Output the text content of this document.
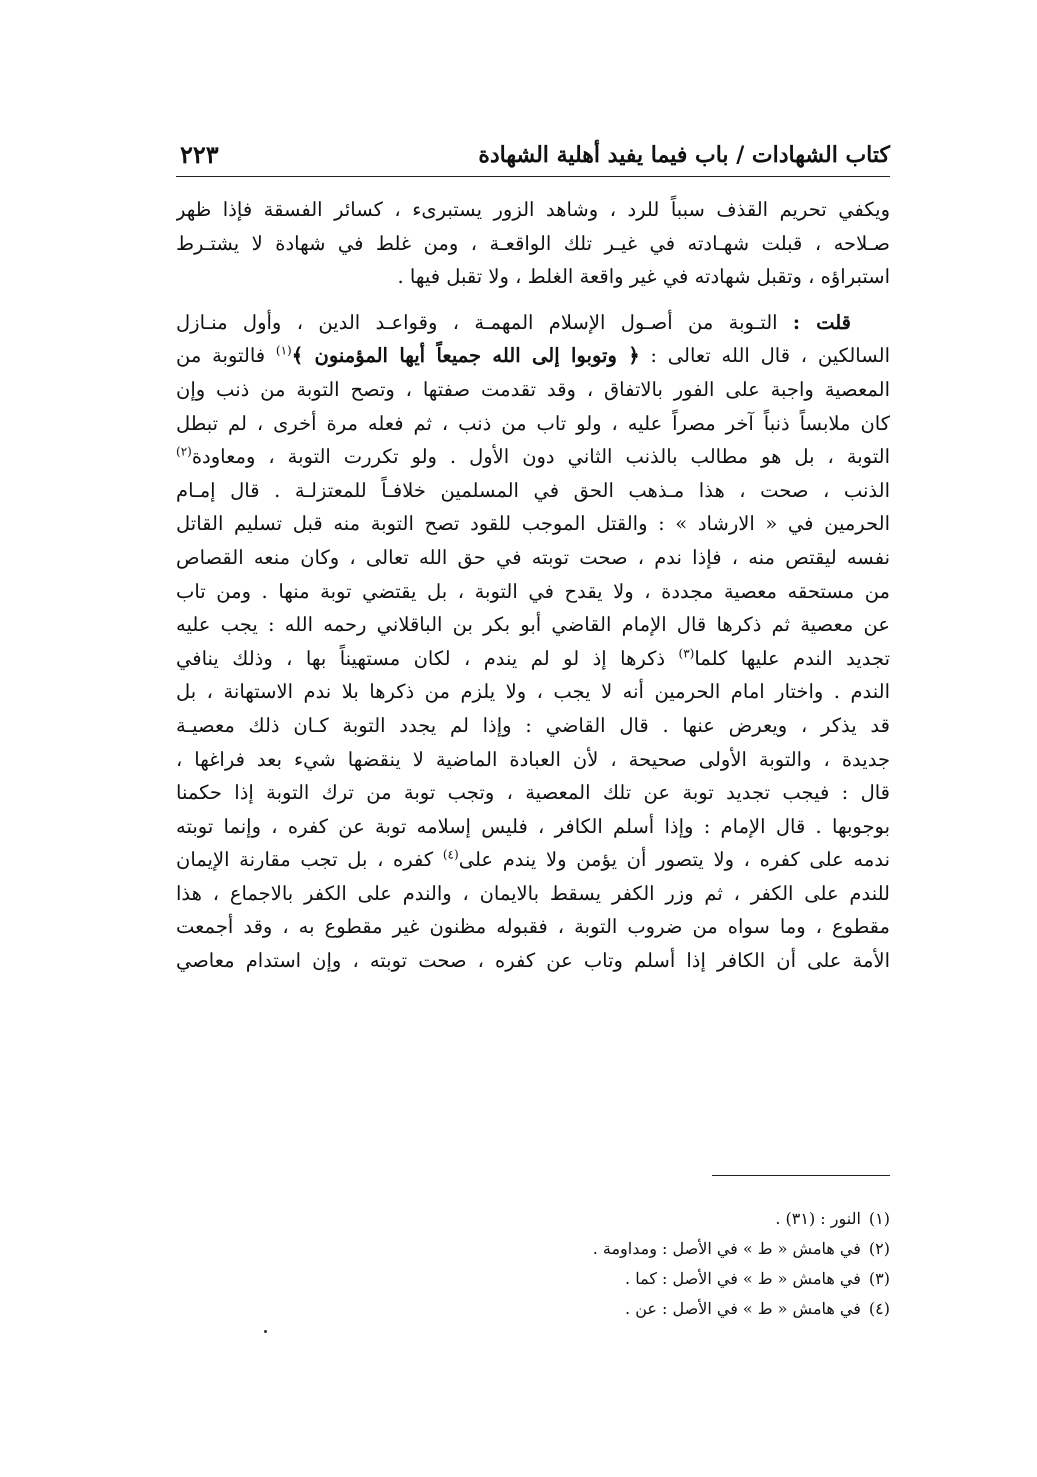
كتاب الشهادات / باب فيما يفيد أهلية الشهادة
٢٢٣
ويكفي تحريم القذف سبباً للرد ، وشاهد الزور يستبرىء ، كسائر الفسقة فإذا ظهر
صـلاحه ، قبلت شهـادته في غيـر تلك الواقعـة ، ومن غلط في شهادة لا يشتـرط
استبراؤه ، وتقبل شهادته في غير واقعة الغلط ، ولا تقبل فيها .
  قلت : التـوبة من أصـول الإسلام المهمـة ، وقواعـد الدين ، وأول منـازل
السالكين ، قال الله تعالى : ﴿ وتوبوا إلى الله جميعاً أيها المؤمنون ﴾$^{(١)}$ فالتوبة من
المعصية واجبة على الفور بالاتفاق ، وقد تقدمت صفتها ، وتصح التوبة من ذنب وإن
كان ملابساً ذنباً آخر مصراً عليه ، ولو تاب من ذنب ، ثم فعله مرة أخرى ، لم تبطل
التوبة ، بل هو مطالب بالذنب الثاني دون الأول . ولو تكررت التوبة ، ومعاودة$^{(٢)}$
الذنب ، صحت ، هذا مـذهب الحق في المسلمين خلافـاً للمعتزلـة . قال إمـام
الحرمين في « الارشاد » : والقتل الموجب للقود تصح التوبة منه قبل تسليم القاتل
نفسه ليقتص منه ، فإذا ندم ، صحت توبته في حق الله تعالى ، وكان منعه القصاص
من مستحقه معصية مجددة ، ولا يقدح في التوبة ، بل يقتضي توبة منها . ومن تاب
عن معصية ثم ذكرها قال الإمام القاضي أبو بكر بن الباقلاني رحمه الله : يجب عليه
تجديد الندم عليها كلما$^{(٣)}$ ذكرها إذ لو لم يندم ، لكان مستهيناً بها ، وذلك ينافي
الندم . واختار امام الحرمين أنه لا يجب ، ولا يلزم من ذكرها بلا ندم الاستهانة ، بل
قد يذكر ، ويعرض عنها . قال القاضي : وإذا لم يجدد التوبة كـان ذلك معصيـة
جديدة ، والتوبة الأولى صحيحة ، لأن العبادة الماضية لا ينقضها شيء بعد فراغها ،
قال : فيجب تجديد توبة عن تلك المعصية ، وتجب توبة من ترك التوبة إذا حكمنا
بوجوبها . قال الإمام : وإذا أسلم الكافر ، فليس إسلامه توبة عن كفره ، وإنما توبته
ندمه على كفره ، ولا يتصور أن يؤمن ولا يندم على$^{(٤)}$ كفره ، بل تجب مقارنة الإيمان
للندم على الكفر ، ثم وزر الكفر يسقط بالايمان ، والندم على الكفر بالاجماع ، هذا
مقطوع ، وما سواه من ضروب التوبة ، فقبوله مظنون غير مقطوع به ، وقد أجمعت
الأمة على أن الكافر إذا أسلم وتاب عن كفره ، صحت توبته ، وإن استدام معاصي
(١)النور : (٣١) .
(٢)في هامش « ط » في الأصل : ومداومة .
(٣)في هامش « ط » في الأصل : كما .
(٤)في هامش « ط » في الأصل : عن .
